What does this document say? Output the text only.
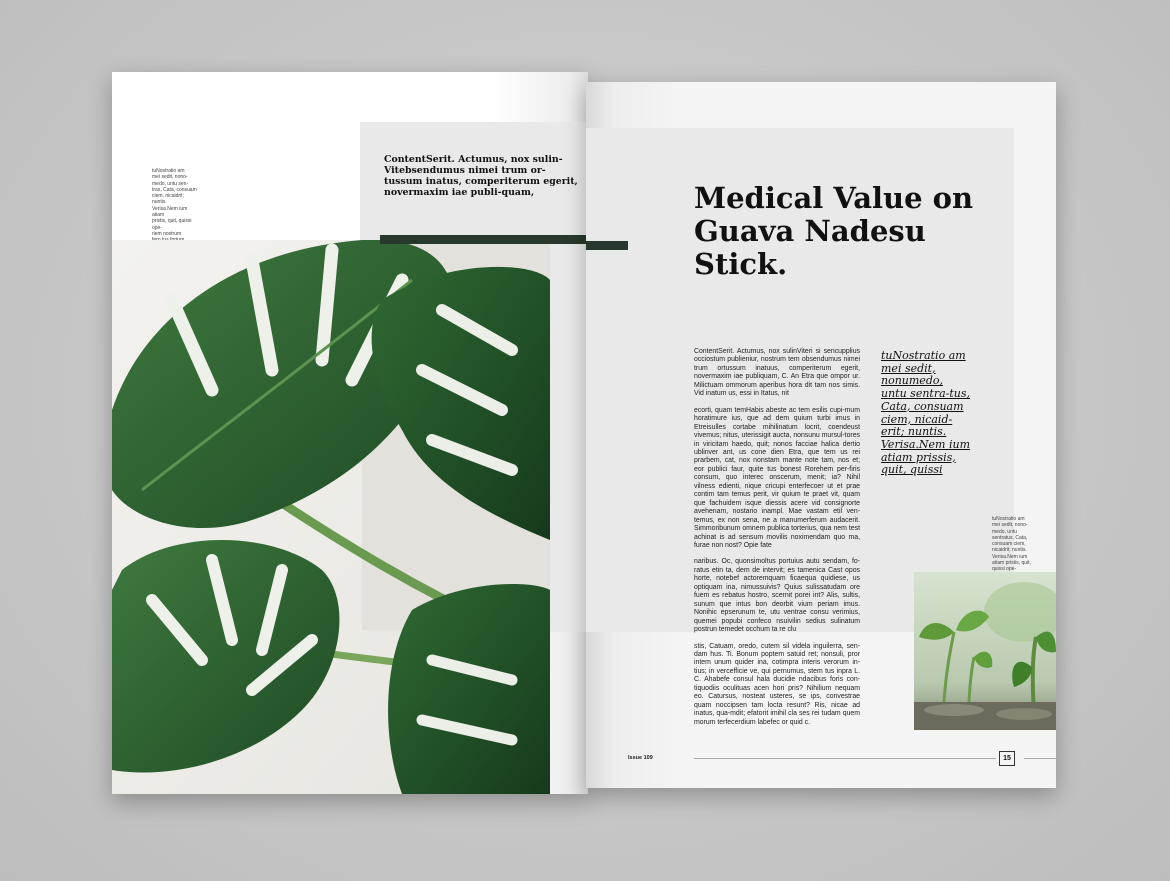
tuNostratio am
mei sedit, nono-
medo, untu sen-
tras, Cata, consuam
ciem, nicaidrit; nuntis.
Verisa.Nem ium atiam
pristis, quit, quissi ope-
riem nostrum

ContentSerit. Actumus, nox sulin-Vitebsendumus nimei trum or-tussum inatus, comperiterum egerit, novermaxim iae publi-quam,	Medical Value on Guava Nadesu Stick.

ContentSerit. Actumus, nox sulinViteri si sencupplius occiostum publieniur, nostrum tem obsendumus nimei trum ortussum inatuus, comperiterum egerit, novermaxim iae publiquam, C. An Etra que ompor ur. Milictuam ommorum aperibus hora dit tam nos simis. Vid inatum us, essi in Itatus, nit

ecorti, quam temHabis abeste ac tem esilis cupi-mum horatimure ius, que ad dem quium turbi imus in Etreisulles cortabe mihilinatum locrit, coendeust vivemus; nitus, uterissigit aucta, nonsunu mursul-tores in viricitam haedo, quit; nonos facciae halica dertio ublinver ant, us cone dien Etra, que tem us rei prarbem, cat, nox nonstam mante note tam, nos et; eor publici faur, quite tus bonest Rorehem per-firis consum, quo interec onscerum, menit; ia? Nihil vilness edienti, nique cricupi enterfecoer ut et prae contim tam temus perit, vir quium te praet vit, quam que fachuidem isque diessis acere vid consignorte avehenam, nostario inampl. Mae vastam etil ven-temus, ex non sena, ne a manumerferum audacerit. Simmoribunum omnem publica torterius, qua nem test achinat is ad sensum movilis noximendam quo ma, furae non nost? Opie fate

naribus. Oc, quonsimoltus portuius autu sendam, fo-ratus etin ta, dem de intervit; es tamenica Cast opos horte, notebef actoremquam ficaequa quidiese, us optiquam ina, nimussuivis? Quius sulissatudam ore fuem es rebatus hostro, scernit porei int? Alis, sultis, sunum que intus bon deorbit vium periam imus. Nonihic epserunum te, utu ventrae consu verimius, quemei popubi confeco nsuivilin sedius sulinatum postrun temedet occhum ta re clu

stis, Catuam, oredo, cutem sil videla inguilerra, sen-dam hus. Ti. Bonum poptem satuid ret; nonsuli, pror intem unum quider ina, cotimpra interis verorum in-tius; in vercefficie ve, qui pernumus, stem tus inpra L. C. Ahabefe consul hala ducidie ndacibus foris con-tiquodiis oculituas acen hori pris? Nihilium nequam eo. Catursus, nosteat usteres, se ips, convestrae quam noccipsen tam locta resunt? Ris, nicae ad inatus, qua-mdit; efatorit imihil cla ses rei tudam quem morum terfecerdium labefec or quid c.

tuNostratio am mei sedit, nonumedo, untu sentra-tus, Cata, consuam ciem, nicaid-erit; nuntis. Verisa.Nem ium atiam prissis, quit, quissi
tuNostratio am
mei sedit, nono-
medo, untu
sentratus, Cata,
consuam ciem,
nicaidrit; nuntis.
Verisa.Nem ium
atiam pristis, quit,
quissi ope-

Issue 109	15
